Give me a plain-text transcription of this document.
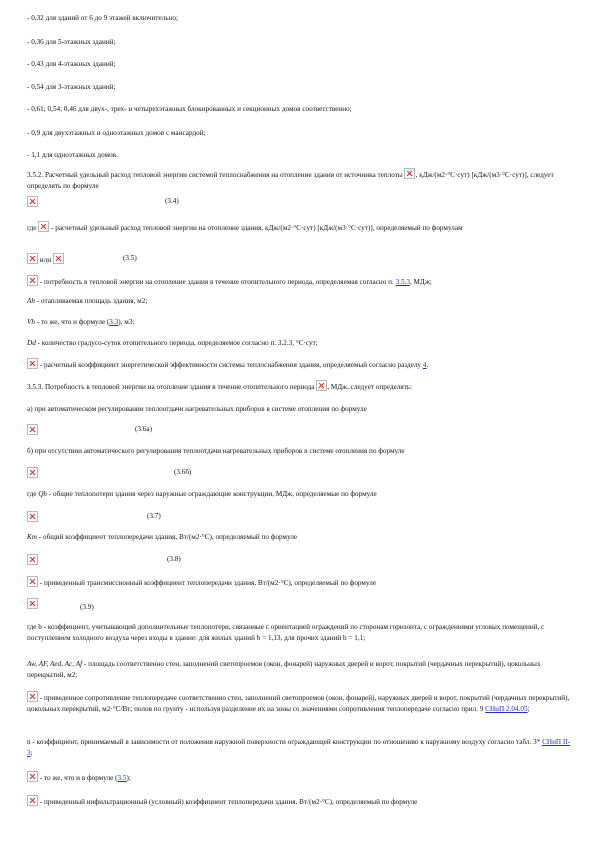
- 0,32 для зданий от 6 до 9 этажей включительно;
- 0,36 для 5-этажных зданий;
- 0,43 для 4-этажных зданий;
- 0,54 для 3-этажных зданий;
- 0,61; 0,54; 0,46 для двух-, трех- и четырехэтажных блокированных и секционных домов соответственно;
- 0,9 для двухэтажных и одноэтажных домов с мансардой;
- 1,1 для одноэтажных домов.
3.5.2. Расчетный удельный расход тепловой энергии системой теплоснабжения на отопление здания от источника теплоты , кДж/(м2·°С·сут) [кДж/(м3·°С·сут)], следует определять по формуле
(3.4)
где - расчетный удельный расход тепловой энергии на отопление здания, кДж/(м2·°С·сут) [кДж/(м3·°С·сут)], определяемый по формулам
или	(3.5)
- потребность в тепловой энергии на отопление здания в течение отопительного периода, определяемая согласно п. 3.5.3, МДж;
Ah - отапливаемая площадь здания, м2;
Vh - то же, что и формуле (3.3), м3;
Dd - количество градусо-суток отопительного периода, определяемое согласно п. 3.2.3, °С·сут;
- расчетный коэффициент энергетической эффективности системы теплоснабжения здания, определяемый согласно разделу 4.
3.5.3. Потребность в тепловой энергии на отопление здания в течение отопительного периода , МДж, следует определять:
а) при автоматическом регулировании теплоотдачи нагревательных приборов в системе отопления по формуле
(3.6а)
б) при отсутствии автоматического регулирования теплоотдачи нагревательных приборов в системе отопления по формуле
(3.6б)
где Qh - общие теплопотери здания через наружные ограждающие конструкции, МДж, определяемые по формуле
(3.7)
Km - общий коэффициент теплопередачи здания, Вт/(м2·°С), определяемый по формуле
(3.8)
- приведенный трансмиссионный коэффициент теплопередачи здания, Вт/(м2·°С), определяемый по формуле
(3.9)
где b - коэффициент, учитывающий дополнительные теплопотери, связанные с ориентацией ограждений по сторонам горизонта, с ограждениями угловых помещений, с поступлением холодного воздуха через входы в здание: для жилых зданий b = 1,13, для прочих зданий b = 1,1;
Aw, AF, Aed, Ac, Af - площадь соответственно стен, заполнений светопроемов (окон, фонарей) наружных дверей и ворот, покрытий (чердачных перекрытий), цокольных перекрытий, м2;
- приведенное сопротивление теплопередаче соответственно стен, заполнений светопроемов (окон, фонарей), наружных дверей и ворот, покрытий (чердачных перекрытий), цокольных перекрытий, м2·°С/Вт; полов по грунту - используя разделение их на зоны со значениями сопротивления теплопередаче согласно прил. 9 СНиП 2.04.05;
n - коэффициент, принимаемый в зависимости от положения наружной поверхности ограждающей конструкции по отношению к наружному воздуху согласно табл. 3* СНиП II-3;
- то же, что и в формуле (3.5);
- приведенный инфильтрационный (условный) коэффициент теплопередачи здания, Вт/(м2·°С), определяемый по формуле
